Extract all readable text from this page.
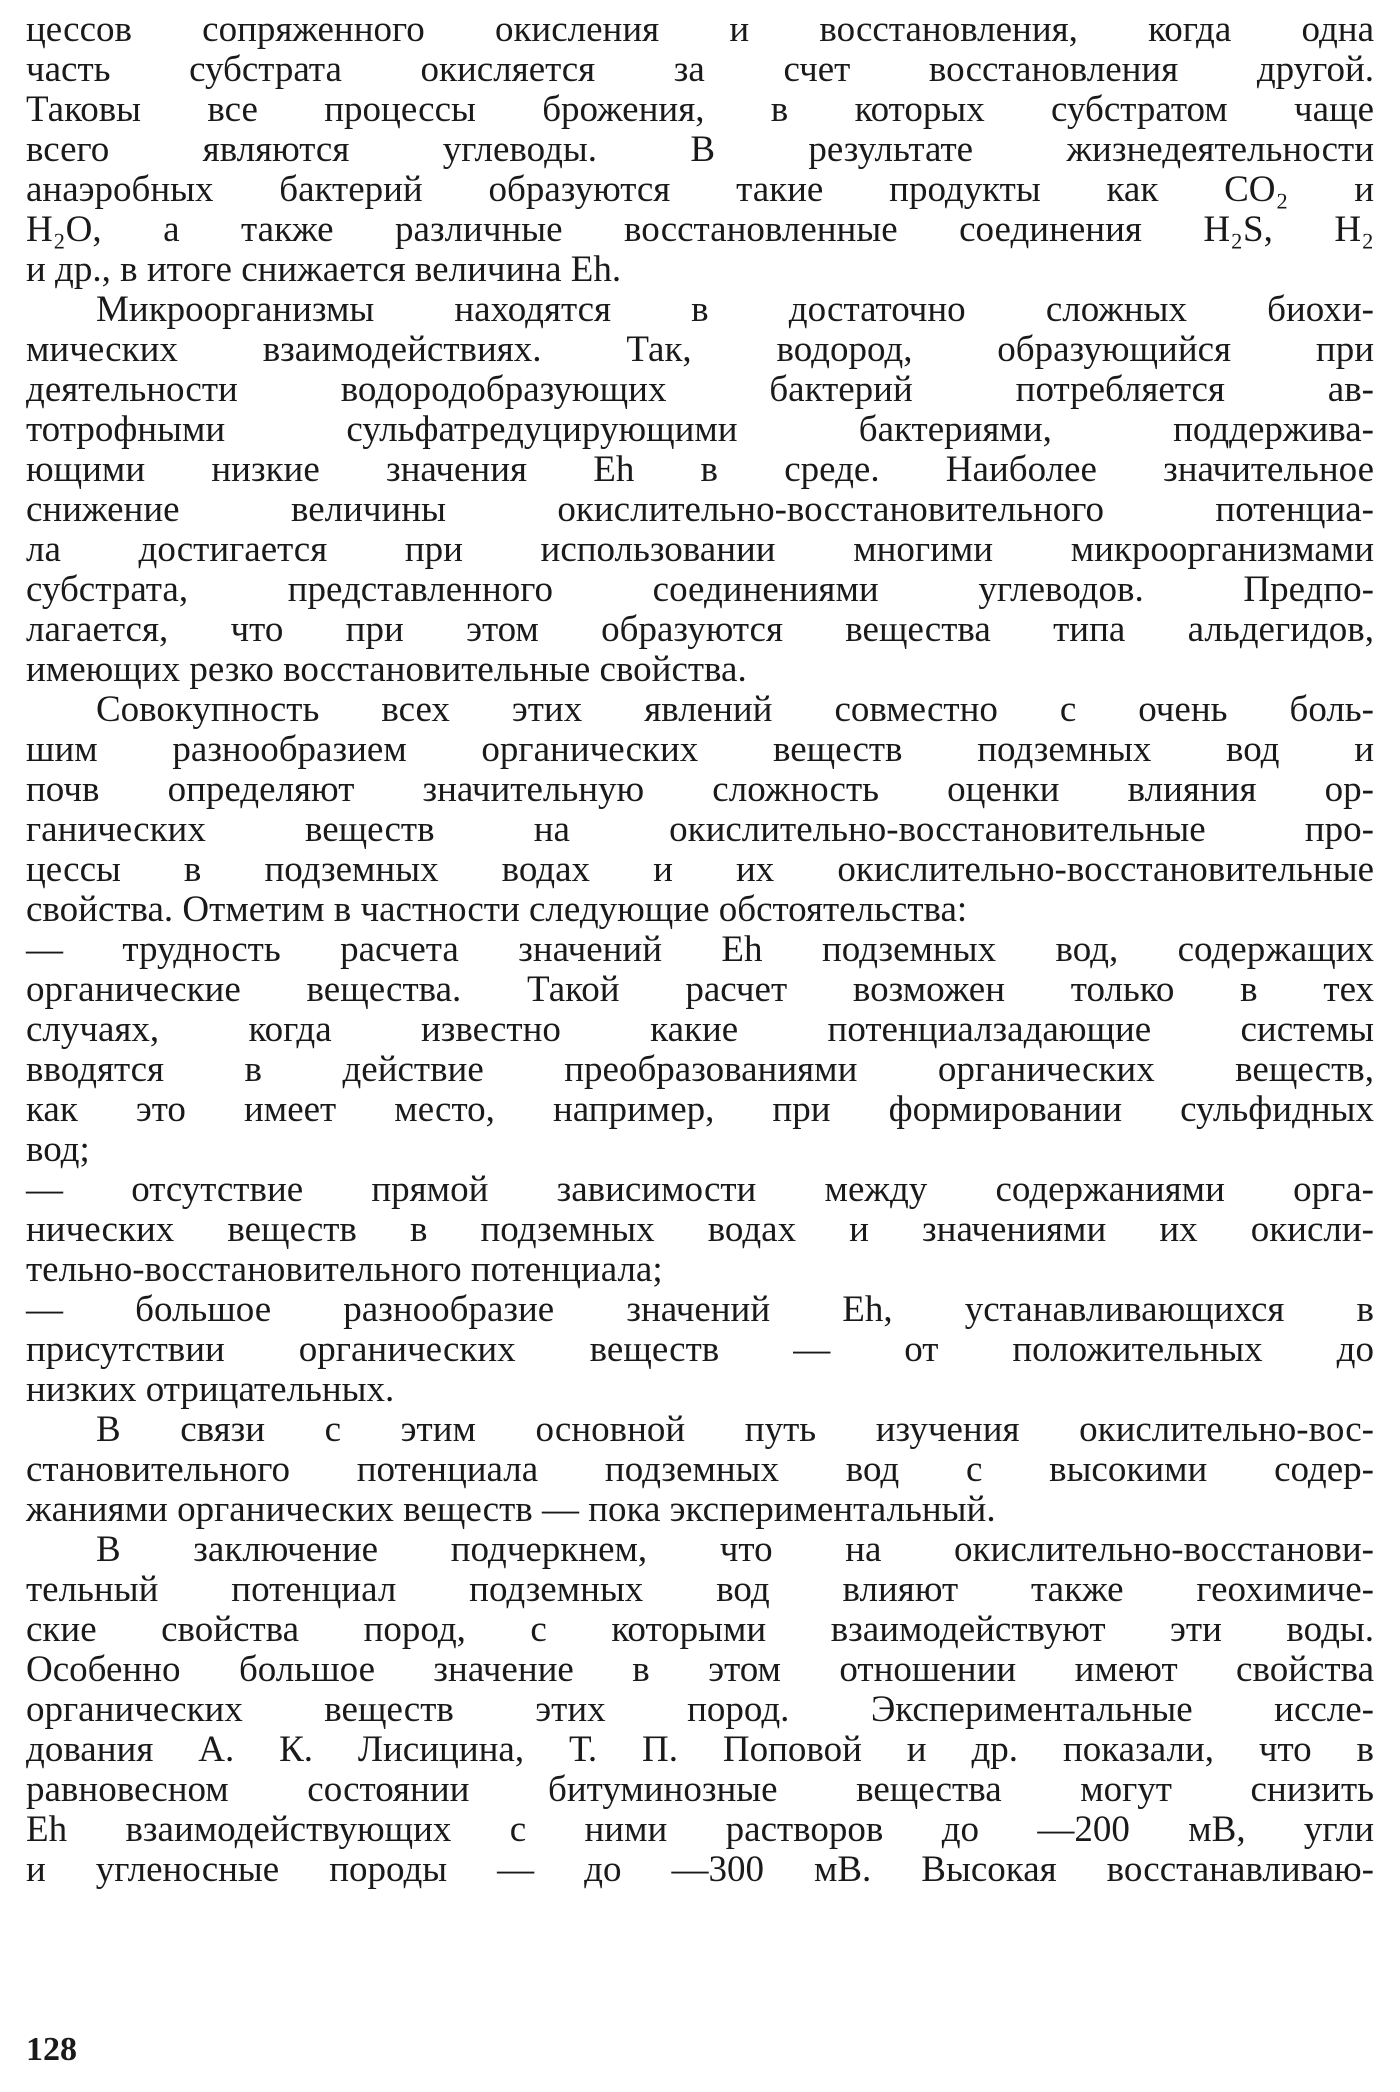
цессов сопряженного окисления и восстановления, когда одна
часть субстрата окисляется за счет восстановления другой.
Таковы все процессы брожения, в которых субстратом чаще
всего являются углеводы. В результате жизнедеятельности
анаэробных бактерий образуются такие продукты как CO₂ и
H₂O, а также различные восстановленные соединения H₂S, H₂
и др., в итоге снижается величина Eh.
Микроорганизмы находятся в достаточно сложных биохи-
мических взаимодействиях. Так, водород, образующийся при
деятельности водородобразующих бактерий потребляется ав-
тотрофными сульфатредуцирующими бактериями, поддержива-
ющими низкие значения Eh в среде. Наиболее значительное
снижение величины окислительно-восстановительного потенциа-
ла достигается при использовании многими микроорганизмами
субстрата, представленного соединениями углеводов. Предпо-
лагается, что при этом образуются вещества типа альдегидов,
имеющих резко восстановительные свойства.
Совокупность всех этих явлений совместно с очень боль-
шим разнообразием органических веществ подземных вод и
почв определяют значительную сложность оценки влияния ор-
ганических веществ на окислительно-восстановительные про-
цессы в подземных водах и их окислительно-восстановительные
свойства. Отметим в частности следующие обстоятельства:
— трудность расчета значений Eh подземных вод, содержащих
органические вещества. Такой расчет возможен только в тех
случаях, когда известно какие потенциалзадающие системы
вводятся в действие преобразованиями органических веществ,
как это имеет место, например, при формировании сульфидных
вод;
— отсутствие прямой зависимости между содержаниями орга-
нических веществ в подземных водах и значениями их окисли-
тельно-восстановительного потенциала;
— большое разнообразие значений Eh, устанавливающихся в
присутствии органических веществ — от положительных до
низких отрицательных.
В связи с этим основной путь изучения окислительно-вос-
становительного потенциала подземных вод с высокими содер-
жаниями органических веществ — пока экспериментальный.
В заключение подчеркнем, что на окислительно-восстанови-
тельный потенциал подземных вод влияют также геохимиче-
ские свойства пород, с которыми взаимодействуют эти воды.
Особенно большое значение в этом отношении имеют свойства
органических веществ этих пород. Экспериментальные иссле-
дования А. К. Лисицина, Т. П. Поповой и др. показали, что в
равновесном состоянии битуминозные вещества могут снизить
Eh взаимодействующих с ними растворов до —200 мВ, угли
и угленосные породы — до —300 мВ. Высокая восстанавливаю-
128
